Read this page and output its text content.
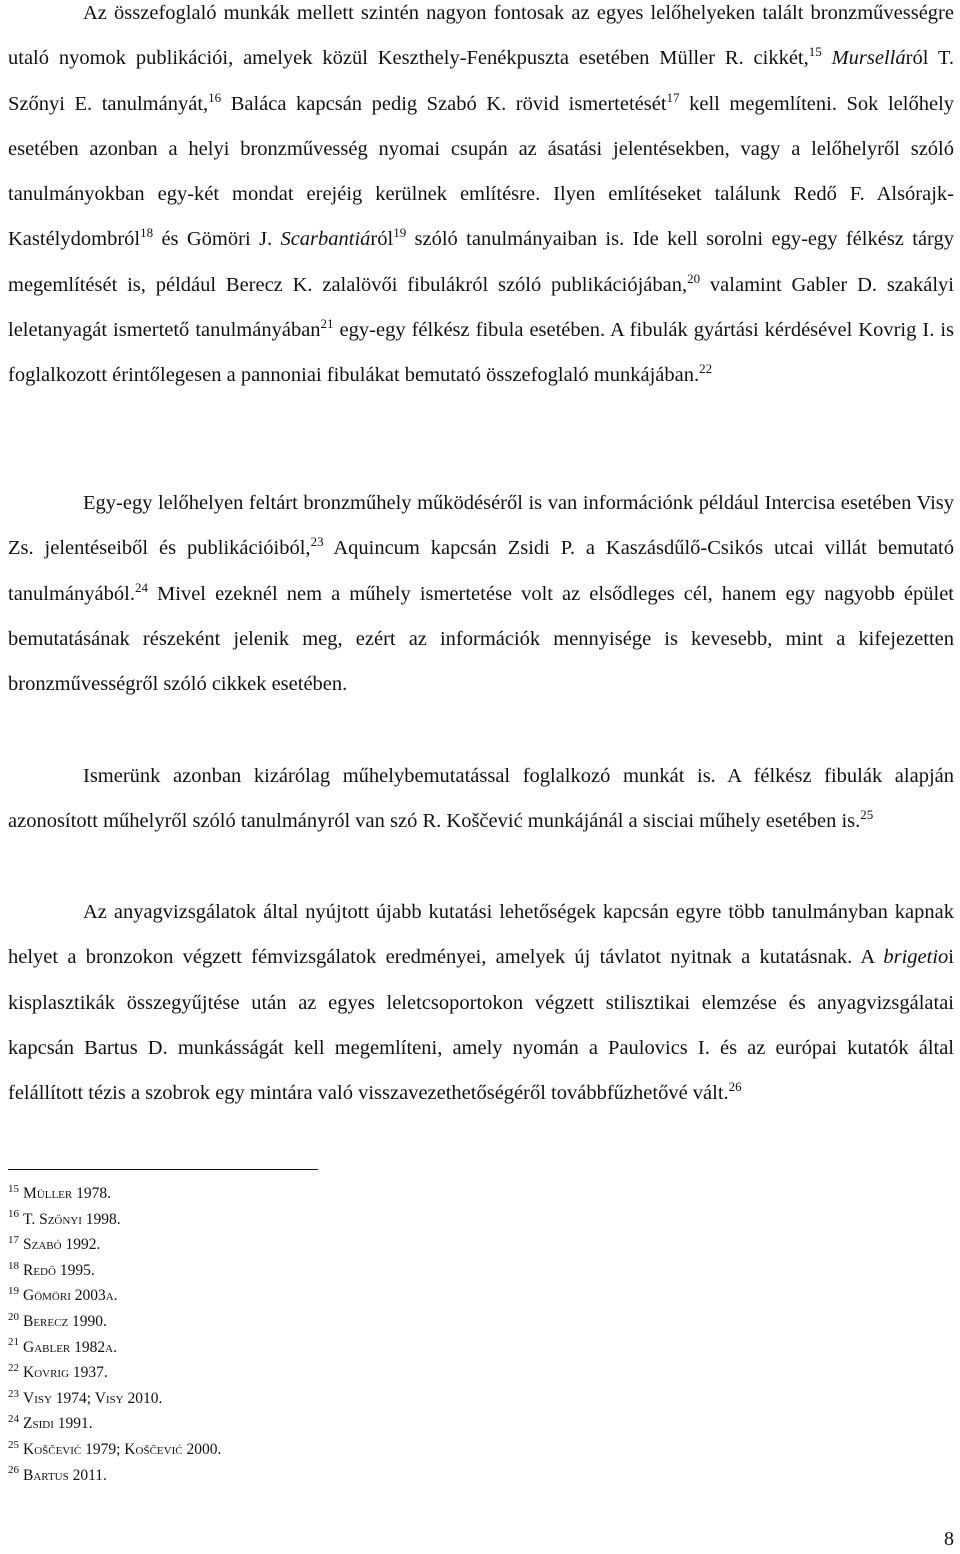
Az összefoglaló munkák mellett szintén nagyon fontosak az egyes lelőhelyeken talált bronzművességre utaló nyomok publikációi, amelyek közül Keszthely-Fenékpuszta esetében Müller R. cikkét,$^{15}$ Murselláról T. Szőnyi E. tanulmányát,$^{16}$ Baláca kapcsán pedig Szabó K. rövid ismertetését$^{17}$ kell megemlíteni. Sok lelőhely esetében azonban a helyi bronzművesség nyomai csupán az ásatási jelentésekben, vagy a lelőhelyről szóló tanulmányokban egy-két mondat erejéig kerülnek említésre. Ilyen említéseket találunk Redő F. Alsórajk-Kastélydombról$^{18}$ és Gömöri J. Scarbantiáról$^{19}$ szóló tanulmányaiban is. Ide kell sorolni egy-egy félkész tárgy megemlítését is, például Berecz K. zalalövői fibulákról szóló publikációjában,$^{20}$ valamint Gabler D. szakályi leletanyagát ismertető tanulmányában$^{21}$ egy-egy félkész fibula esetében. A fibulák gyártási kérdésével Kovrig I. is foglalkozott érintőlegesen a pannoniai fibulákat bemutató összefoglaló munkájában.$^{22}$

Egy-egy lelőhelyen feltárt bronzműhely működéséről is van információnk például Intercisa esetében Visy Zs. jelentéseiből és publikációiból,$^{23}$ Aquincum kapcsán Zsidi P. a Kaszásdűlő-Csikós utcai villát bemutató tanulmányából.$^{24}$ Mivel ezeknél nem a műhely ismertetése volt az elsődleges cél, hanem egy nagyobb épület bemutatásának részeként jelenik meg, ezért az információk mennyisége is kevesebb, mint a kifejezetten bronzművességről szóló cikkek esetében.

Ismerünk azonban kizárólag műhelybemutatással foglalkozó munkát is. A félkész fibulák alapján azonosított műhelyről szóló tanulmányról van szó R. Koščević munkájánál a sisciai műhely esetében is.$^{25}$

Az anyagvizsgálatok által nyújtott újabb kutatási lehetőségek kapcsán egyre több tanulmányban kapnak helyet a bronzokon végzett fémvizsgálatok eredményei, amelyek új távlatot nyitnak a kutatásnak. A brigetioi kisplasztikák összegyűjtése után az egyes leletcsoportokon végzett stilisztikai elemzése és anyagvizsgálatai kapcsán Bartus D. munkásságát kell megemlíteni, amely nyomán a Paulovics I. és az európai kutatók által felállított tézis a szobrok egy mintára való visszavezethetőségéről továbbfűzhetővé vált.$^{26}$

$^{15}$ Müller 1978.
$^{16}$ T. Szőnyi 1998.
$^{17}$ Szabó 1992.
$^{18}$ Redő 1995.
$^{19}$ Gömöri 2003a.
$^{20}$ Berecz 1990.
$^{21}$ Gabler 1982a.
$^{22}$ Kovrig 1937.
$^{23}$ Visy 1974; Visy 2010.
$^{24}$ Zsidi 1991.
$^{25}$ Koščević 1979; Koščević 2000.
$^{26}$ Bartus 2011.
8
